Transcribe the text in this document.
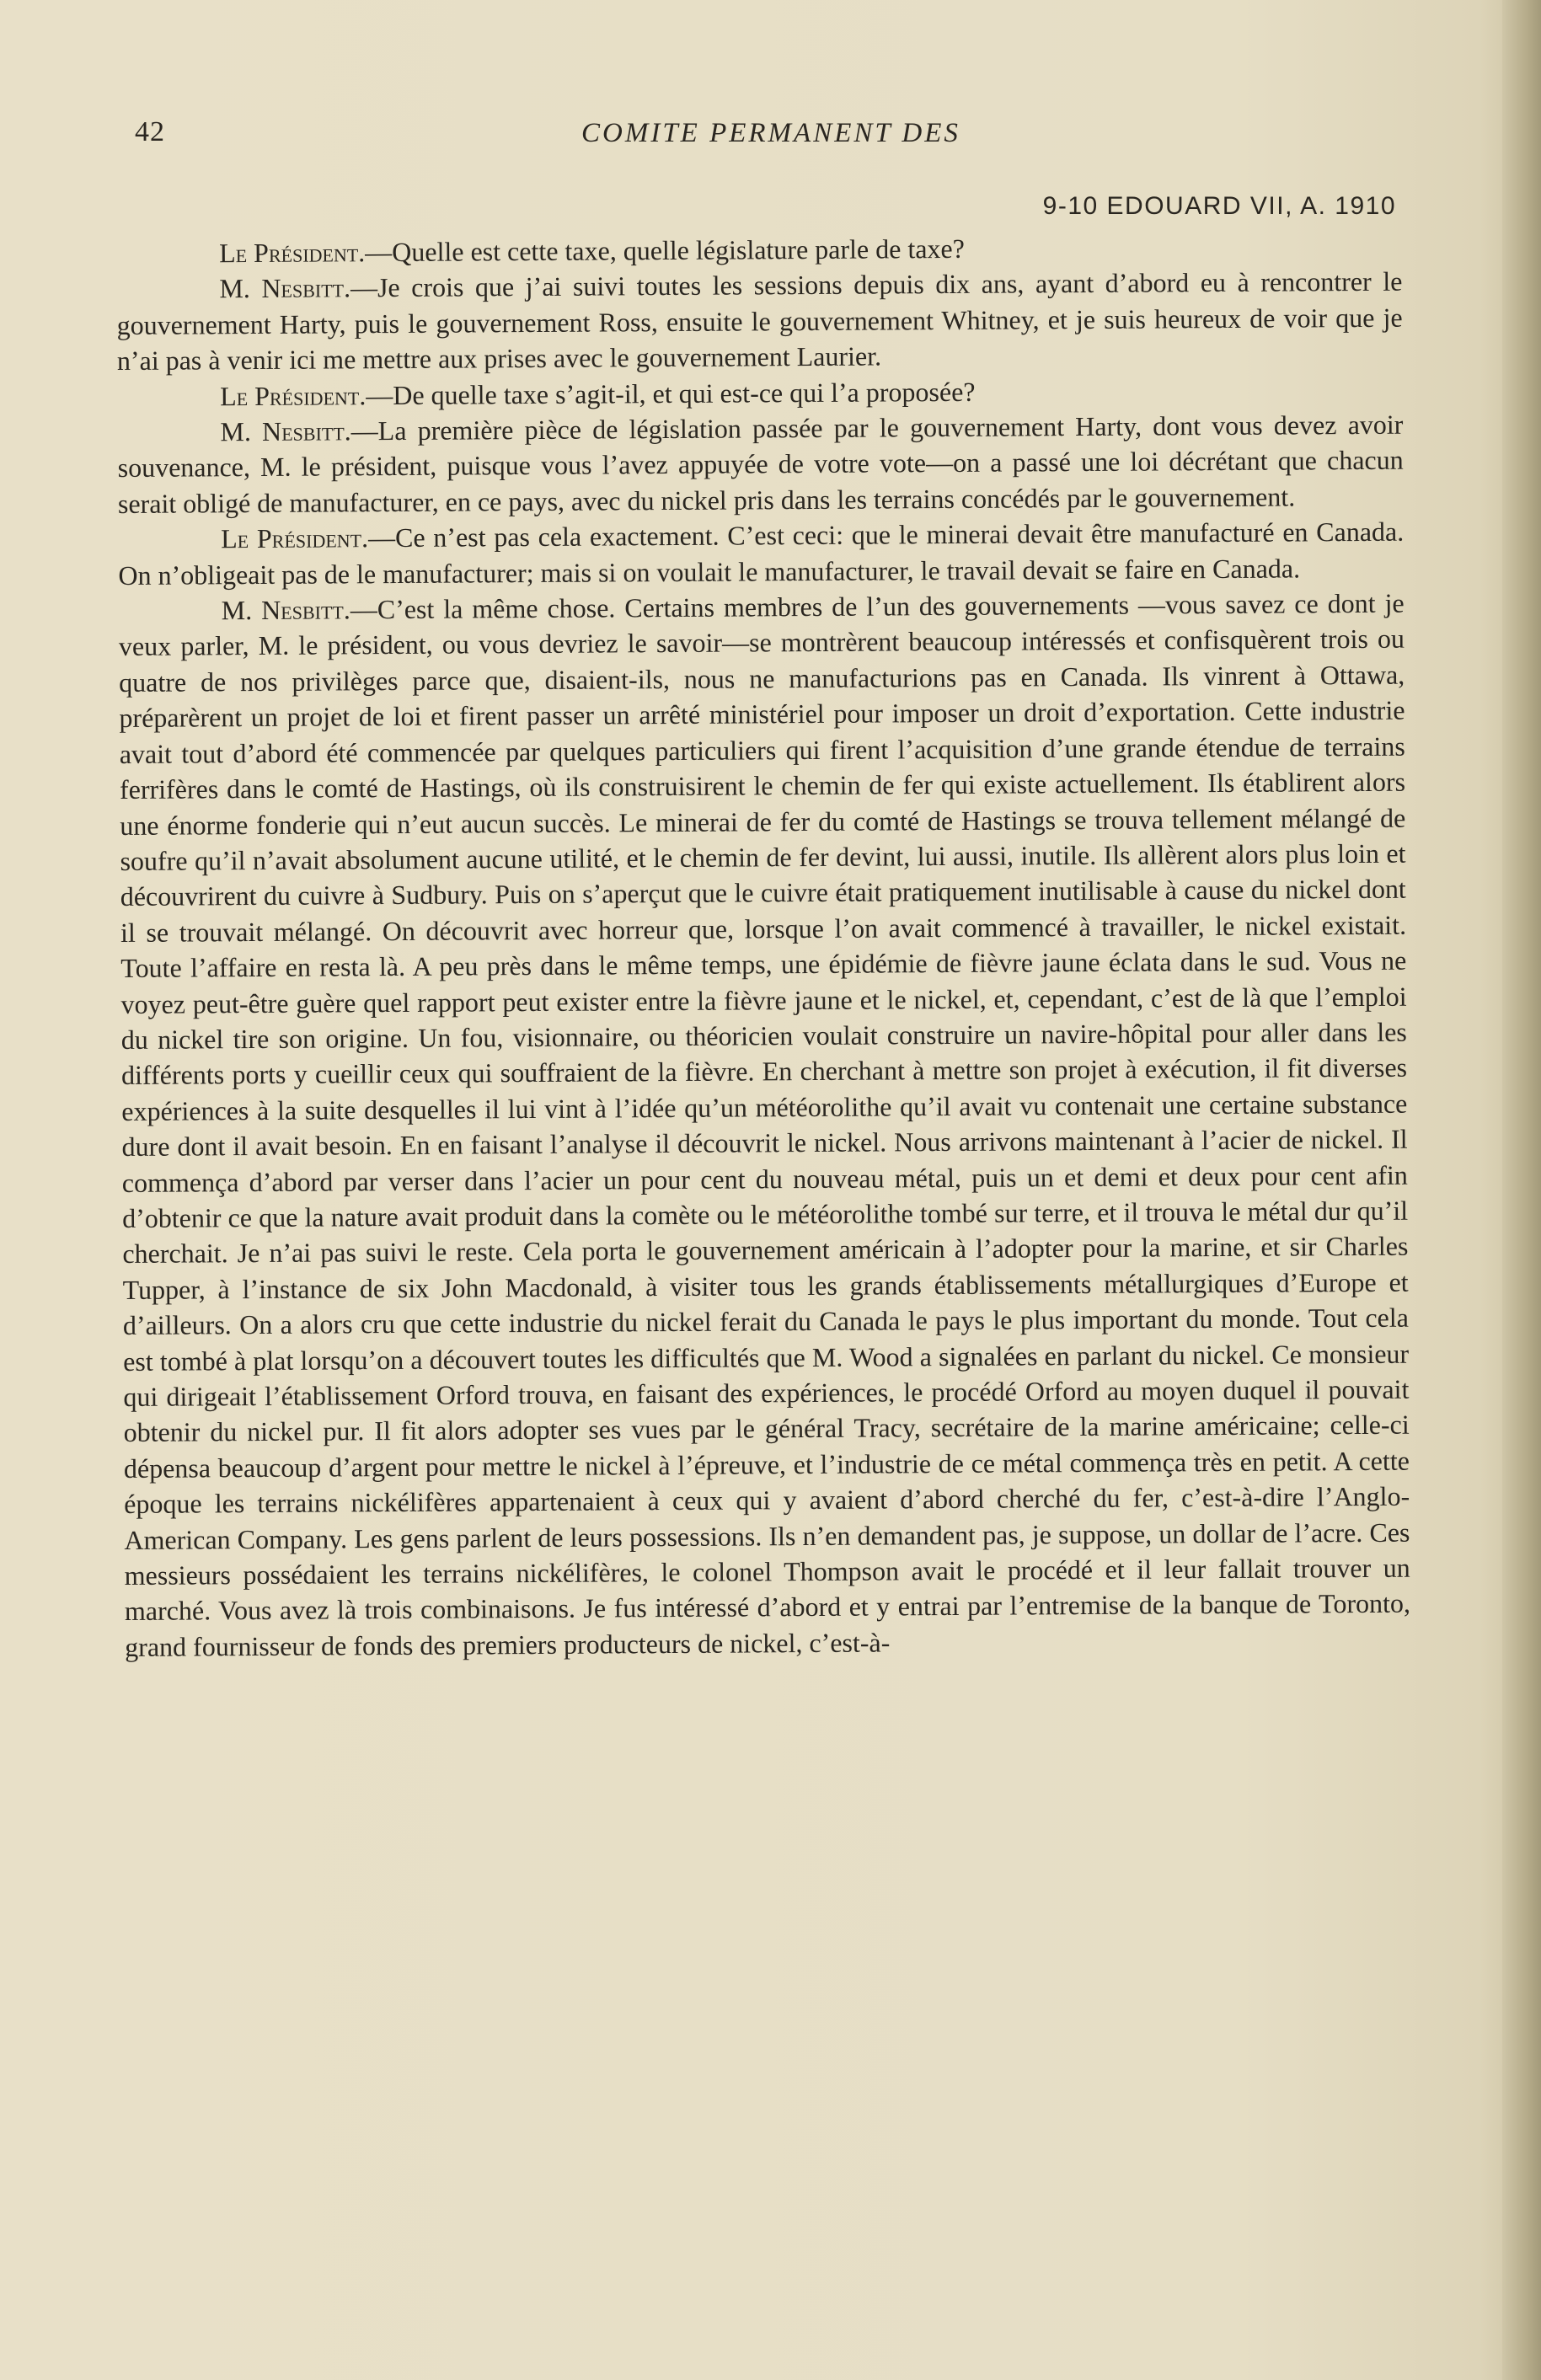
42	COMITE PERMANENT DES
9-10 EDOUARD VII, A. 1910

Le Président.—Quelle est cette taxe, quelle législature parle de taxe?

M. Nesbitt.—Je crois que j’ai suivi toutes les sessions depuis dix ans, ayant d’abord eu à rencontrer le gouvernement Harty, puis le gouvernement Ross, ensuite le gouvernement Whitney, et je suis heureux de voir que je n’ai pas à venir ici me mettre aux prises avec le gouvernement Laurier.

Le Président.—De quelle taxe s’agit-il, et qui est-ce qui l’a proposée?

M. Nesbitt.—La première pièce de législation passée par le gouvernement Harty, dont vous devez avoir souvenance, M. le président, puisque vous l’avez appuyée de votre vote—on a passé une loi décrétant que chacun serait obligé de manufacturer, en ce pays, avec du nickel pris dans les terrains concédés par le gouvernement.

Le Président.—Ce n’est pas cela exactement. C’est ceci: que le minerai devait être manufacturé en Canada. On n’obligeait pas de le manufacturer; mais si on voulait le manufacturer, le travail devait se faire en Canada.

M. Nesbitt.—C’est la même chose. Certains membres de l’un des gouvernements —vous savez ce dont je veux parler, M. le président, ou vous devriez le savoir—se montrèrent beaucoup intéressés et confisquèrent trois ou quatre de nos privilèges parce que, disaient-ils, nous ne manufacturions pas en Canada. Ils vinrent à Ottawa, préparèrent un projet de loi et firent passer un arrêté ministériel pour imposer un droit d’exportation. Cette industrie avait tout d’abord été commencée par quelques particuliers qui firent l’acquisition d’une grande étendue de terrains ferrifères dans le comté de Hastings, où ils construisirent le chemin de fer qui existe actuellement. Ils établirent alors une énorme fonderie qui n’eut aucun succès. Le minerai de fer du comté de Hastings se trouva tellement mélangé de soufre qu’il n’avait absolument aucune utilité, et le chemin de fer devint, lui aussi, inutile. Ils allèrent alors plus loin et découvrirent du cuivre à Sudbury. Puis on s’aperçut que le cuivre était pratiquement inutilisable à cause du nickel dont il se trouvait mélangé. On découvrit avec horreur que, lorsque l’on avait commencé à travailler, le nickel existait. Toute l’affaire en resta là. A peu près dans le même temps, une épidémie de fièvre jaune éclata dans le sud. Vous ne voyez peut-être guère quel rapport peut exister entre la fièvre jaune et le nickel, et, cependant, c’est de là que l’emploi du nickel tire son origine. Un fou, visionnaire, ou théoricien voulait construire un navire-hôpital pour aller dans les différents ports y cueillir ceux qui souffraient de la fièvre. En cherchant à mettre son projet à exécution, il fit diverses expériences à la suite desquelles il lui vint à l’idée qu’un météorolithe qu’il avait vu contenait une certaine substance dure dont il avait besoin. En en faisant l’analyse il découvrit le nickel. Nous arrivons maintenant à l’acier de nickel. Il commença d’abord par verser dans l’acier un pour cent du nouveau métal, puis un et demi et deux pour cent afin d’obtenir ce que la nature avait produit dans la comète ou le météorolithe tombé sur terre, et il trouva le métal dur qu’il cherchait. Je n’ai pas suivi le reste. Cela porta le gouvernement américain à l’adopter pour la marine, et sir Charles Tupper, à l’instance de six John Macdonald, à visiter tous les grands établissements métallurgiques d’Europe et d’ailleurs. On a alors cru que cette industrie du nickel ferait du Canada le pays le plus important du monde. Tout cela est tombé à plat lorsqu’on a découvert toutes les difficultés que M. Wood a signalées en parlant du nickel. Ce monsieur qui dirigeait l’établissement Orford trouva, en faisant des expériences, le procédé Orford au moyen duquel il pouvait obtenir du nickel pur. Il fit alors adopter ses vues par le général Tracy, secrétaire de la marine américaine; celle-ci dépensa beaucoup d’argent pour mettre le nickel à l’épreuve, et l’industrie de ce métal commença très en petit. A cette époque les terrains nickélifères appartenaient à ceux qui y avaient d’abord cherché du fer, c’est-à-dire l’Anglo-American Company. Les gens parlent de leurs possessions. Ils n’en demandent pas, je suppose, un dollar de l’acre. Ces messieurs possédaient les terrains nickélifères, le colonel Thompson avait le procédé et il leur fallait trouver un marché. Vous avez là trois combinaisons. Je fus intéressé d’abord et y entrai par l’entremise de la banque de Toronto, grand fournisseur de fonds des premiers producteurs de nickel, c’est-à-
